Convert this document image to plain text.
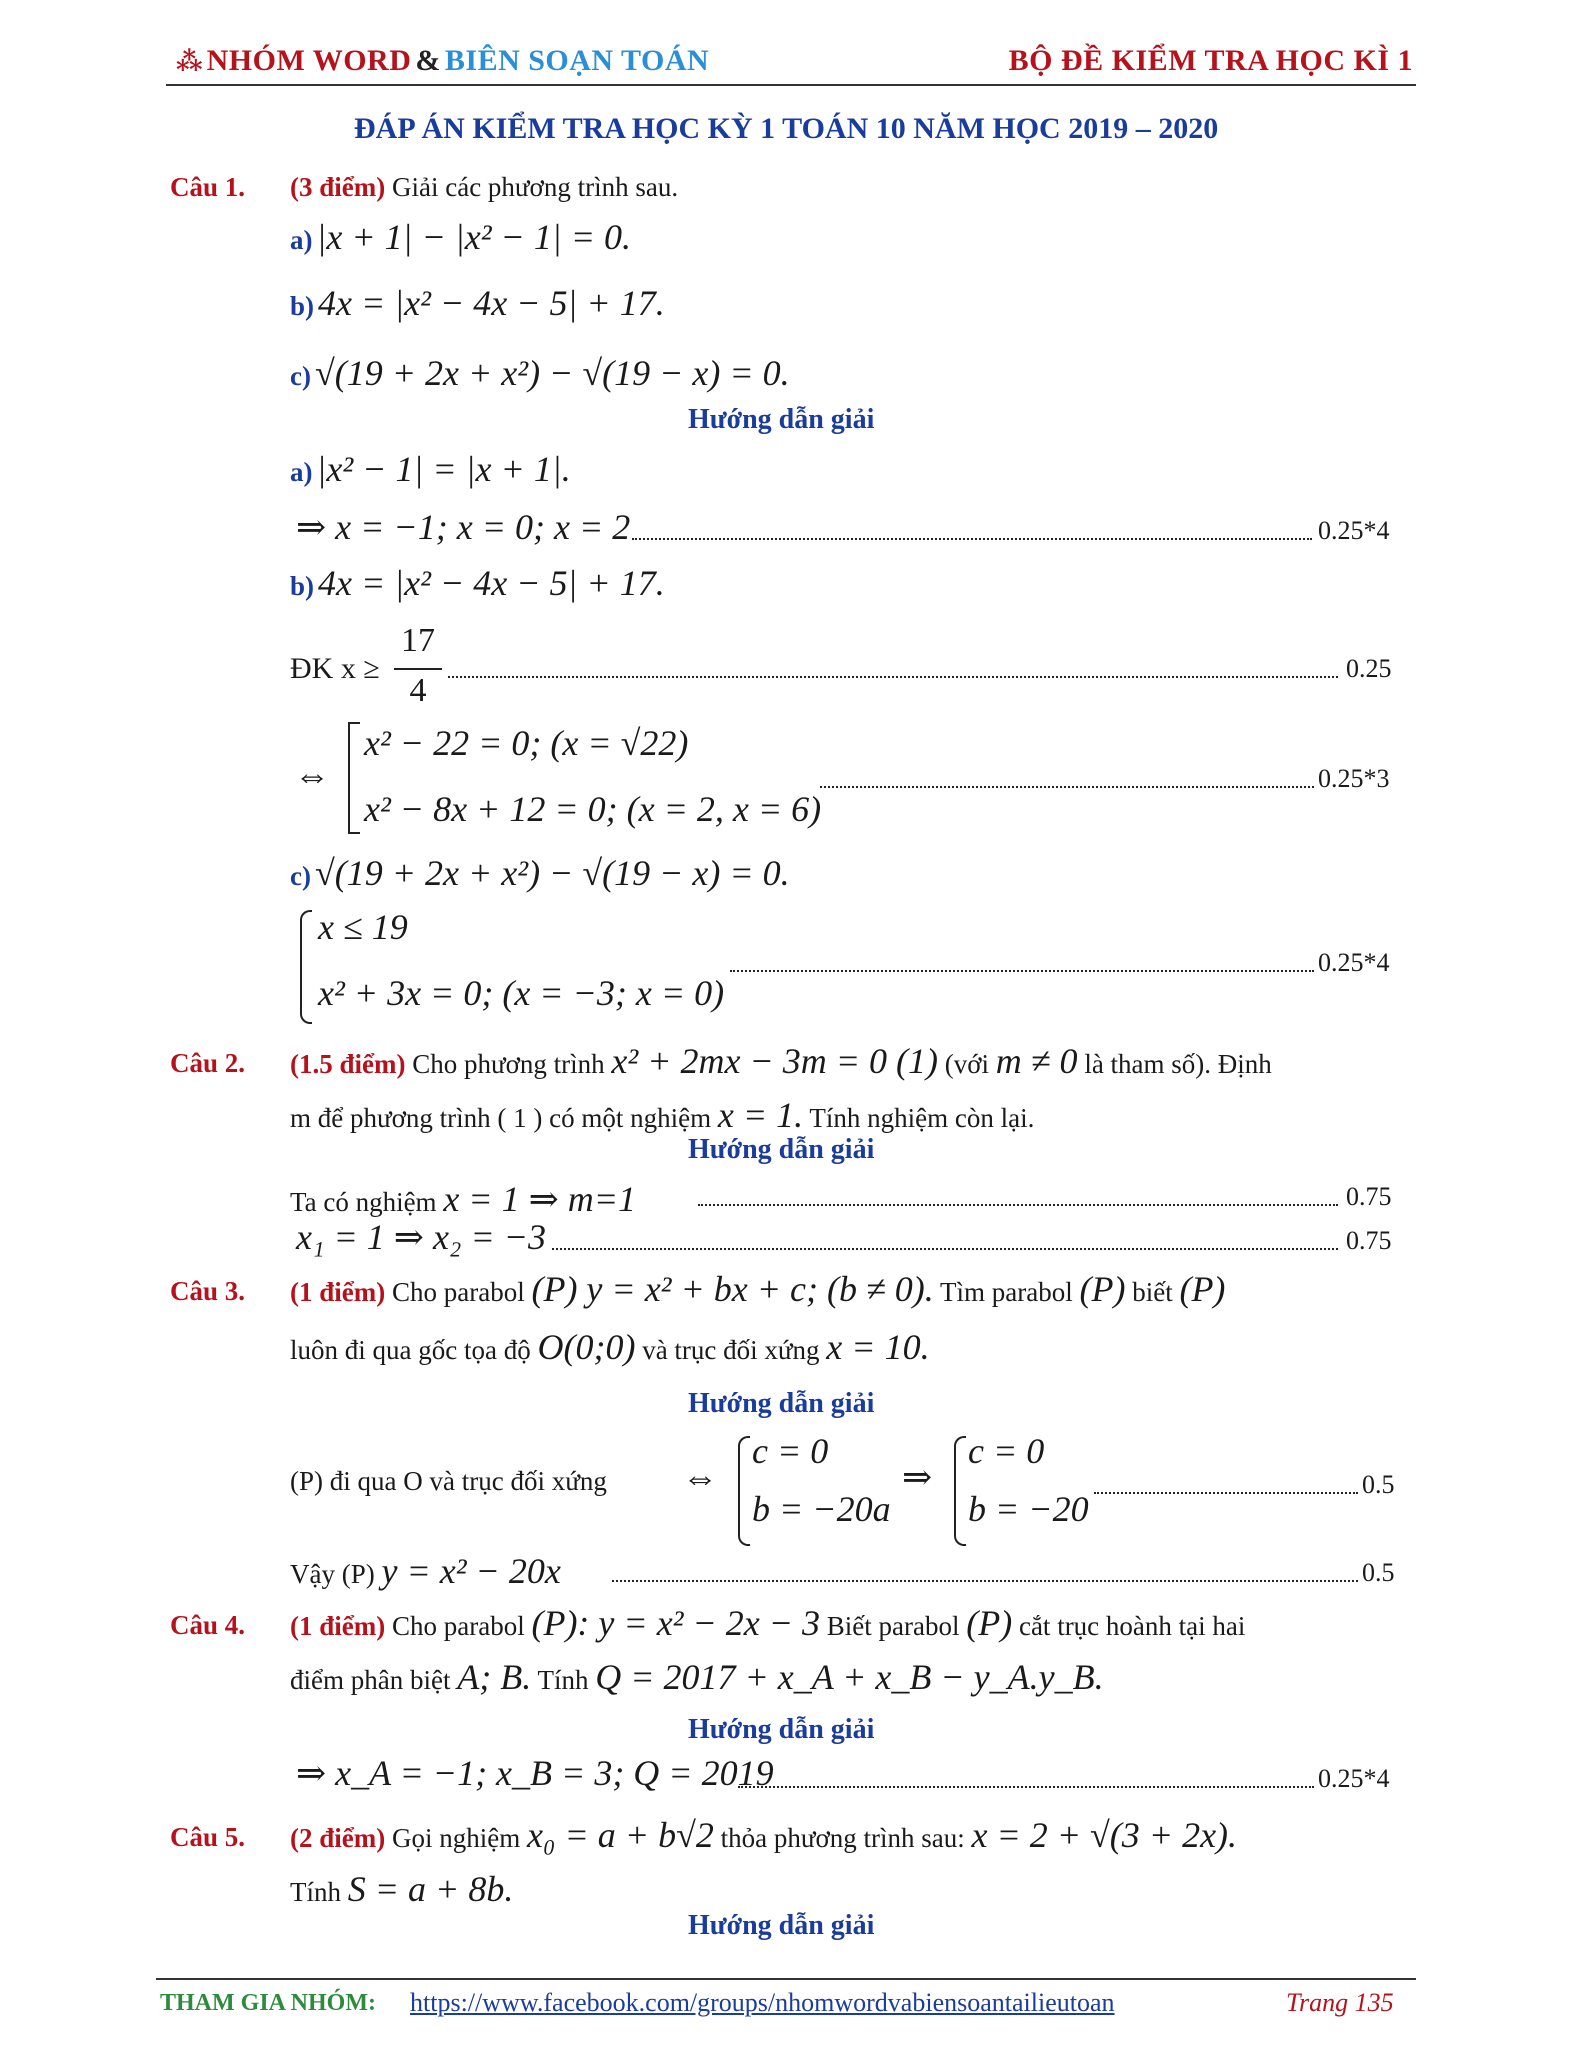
⁂ NHÓM WORD & BIÊN SOẠN TOÁN	BỘ ĐỀ KIỂM TRA HỌC KÌ 1
ĐÁP ÁN KIỂM TRA HỌC KỲ 1 TOÁN 10 NĂM HỌC 2019 – 2020
Câu 1. (3 điểm) Giải các phương trình sau.
a) |x + 1| − |x² − 1| = 0.
b) 4x = |x² − 4x − 5| + 17.
c) √(19 + 2x + x²) − √(19 − x) = 0.
Hướng dẫn giải
a) |x² − 1| = |x + 1|.
⇒ x = −1; x = 0; x = 2	0.25*4
b) 4x = |x² − 4x − 5| + 17.
ĐK x ≥
17
4
0.25
⇔
x² − 22 = 0; (x = √22)
x² − 8x + 12 = 0; (x = 2, x = 6)
0.25*3
c) √(19 + 2x + x²) − √(19 − x) = 0.
x ≤ 19
x² + 3x = 0; (x = −3; x = 0)
0.25*4
Câu 2. (1.5 điểm) Cho phương trình x² + 2mx − 3m = 0 (1) (với m ≠ 0 là tham số). Định
m để phương trình ( 1 ) có một nghiệm x = 1. Tính nghiệm còn lại.
Hướng dẫn giải
Ta có nghiệm x = 1 ⇒ m=1	0.75
x₁ = 1 ⇒ x₂ = −3	0.75
Câu 3. (1 điểm) Cho parabol (P) y = x² + bx + c; (b ≠ 0). Tìm parabol (P) biết (P)
luôn đi qua gốc tọa độ O(0;0) và trục đối xứng x = 10.
Hướng dẫn giải
(P) đi qua O và trục đối xứng ⇔
c = 0
b = −20a
⇒
c = 0
b = −20
0.5
Vậy (P) y = x² − 20x	0.5
Câu 4. (1 điểm) Cho parabol (P): y = x² − 2x − 3 Biết parabol (P) cắt trục hoành tại hai
điểm phân biệt A; B. Tính Q = 2017 + x_A + x_B − y_A.y_B.
Hướng dẫn giải
⇒ x_A = −1; x_B = 3; Q = 2019	0.25*4
Câu 5. (2 điểm) Gọi nghiệm x₀ = a + b√2 thỏa phương trình sau: x = 2 + √(3 + 2x).
Tính S = a + 8b.
Hướng dẫn giải
THAM GIA NHÓM: https://www.facebook.com/groups/nhomwordvabiensoantailieutoan	Trang 135
